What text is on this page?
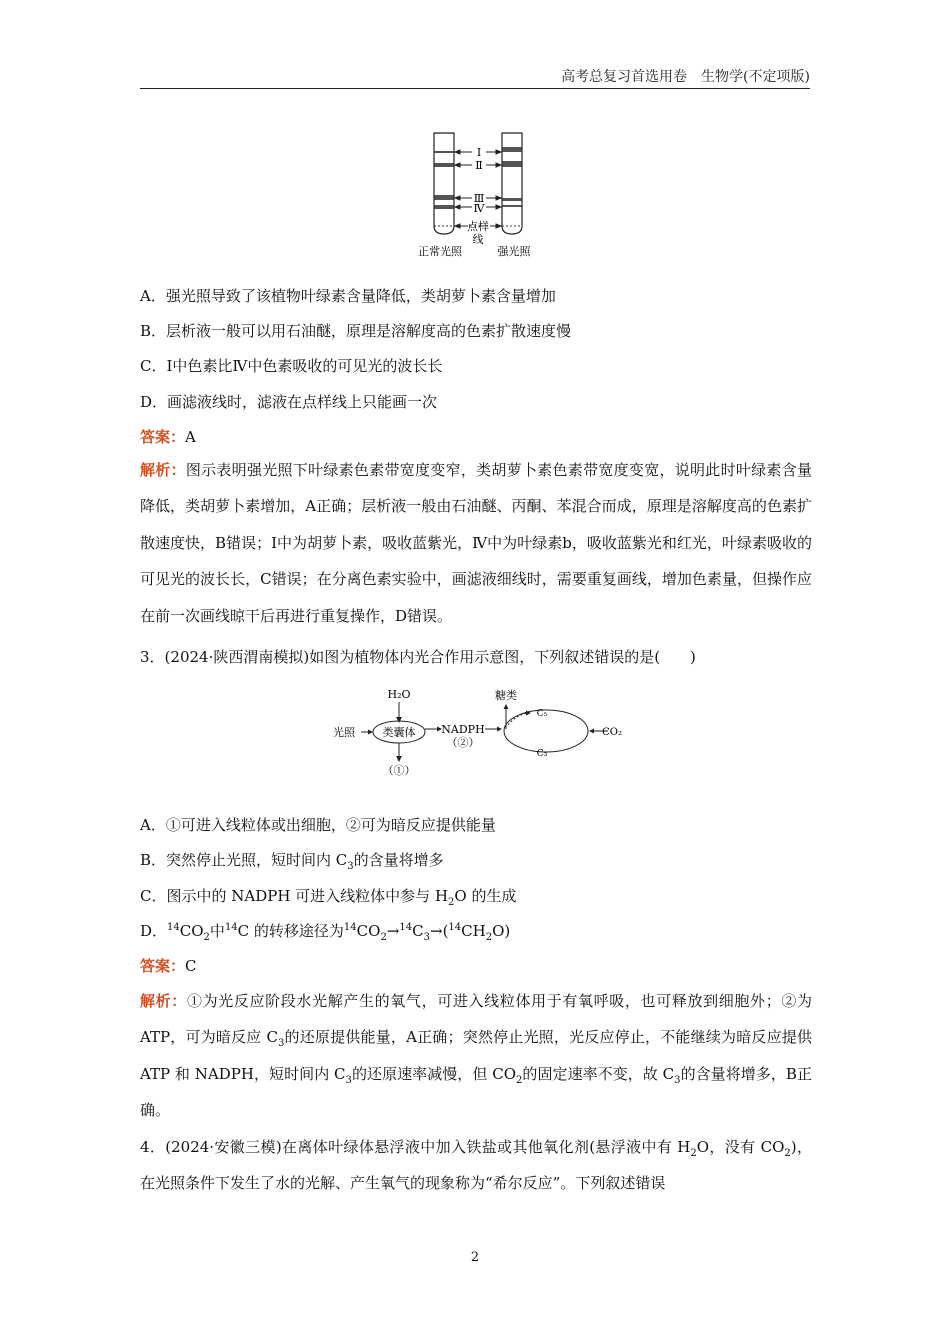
高考总复习首选用卷　生物学(不定项版)
Ⅰ
Ⅱ
Ⅲ
Ⅳ
点样
线
正常光照	强光照
A．强光照导致了该植物叶绿素含量降低，类胡萝卜素含量增加
B．层析液一般可以用石油醚，原理是溶解度高的色素扩散速度慢
C．Ⅰ中色素比Ⅳ中色素吸收的可见光的波长长
D．画滤液线时，滤液在点样线上只能画一次
答案：A
解析：图示表明强光照下叶绿素色素带宽度变窄，类胡萝卜素色素带宽度变宽，说明此时叶绿素含量降低，类胡萝卜素增加，A正确；层析液一般由石油醚、丙酮、苯混合而成，原理是溶解度高的色素扩散速度快，B错误；Ⅰ中为胡萝卜素，吸收蓝紫光，Ⅳ中为叶绿素b，吸收蓝紫光和红光，叶绿素吸收的可见光的波长长，C错误；在分离色素实验中，画滤液细线时，需要重复画线，增加色素量，但操作应在前一次画线晾干后再进行重复操作，D错误。
3．(2024·陕西渭南模拟)如图为植物体内光合作用示意图，下列叙述错误的是(　　)
H₂O
光照	类囊体 NADPH
（②）
（①）
糖类
C₅
C₃
CO₂
A．①可进入线粒体或出细胞，②可为暗反应提供能量
B．突然停止光照，短时间内 $C_3$的含量将增多
C．图示中的 NADPH 可进入线粒体中参与 $H_2O$ 的生成
D．$^{14}CO_2$中$^{14}$C 的转移途径为$^{14}CO_2\to^{14}C_3\to(^{14}CH_2O)$
答案：C
解析：①为光反应阶段水光解产生的氧气，可进入线粒体用于有氧呼吸，也可释放到细胞外；②为 ATP，可为暗反应 $C_3$的还原提供能量，A正确；突然停止光照，光反应停止，不能继续为暗反应提供 ATP 和 NADPH，短时间内 $C_3$的还原速率减慢，但 $CO_2$的固定速率不变，故 $C_3$的含量将增多，B正确。
4．(2024·安徽三模)在离体叶绿体悬浮液中加入铁盐或其他氧化剂(悬浮液中有 $H_2O$，没有 $CO_2$)，在光照条件下发生了水的光解、产生氧气的现象称为“希尔反应”。下列叙述错误
2
